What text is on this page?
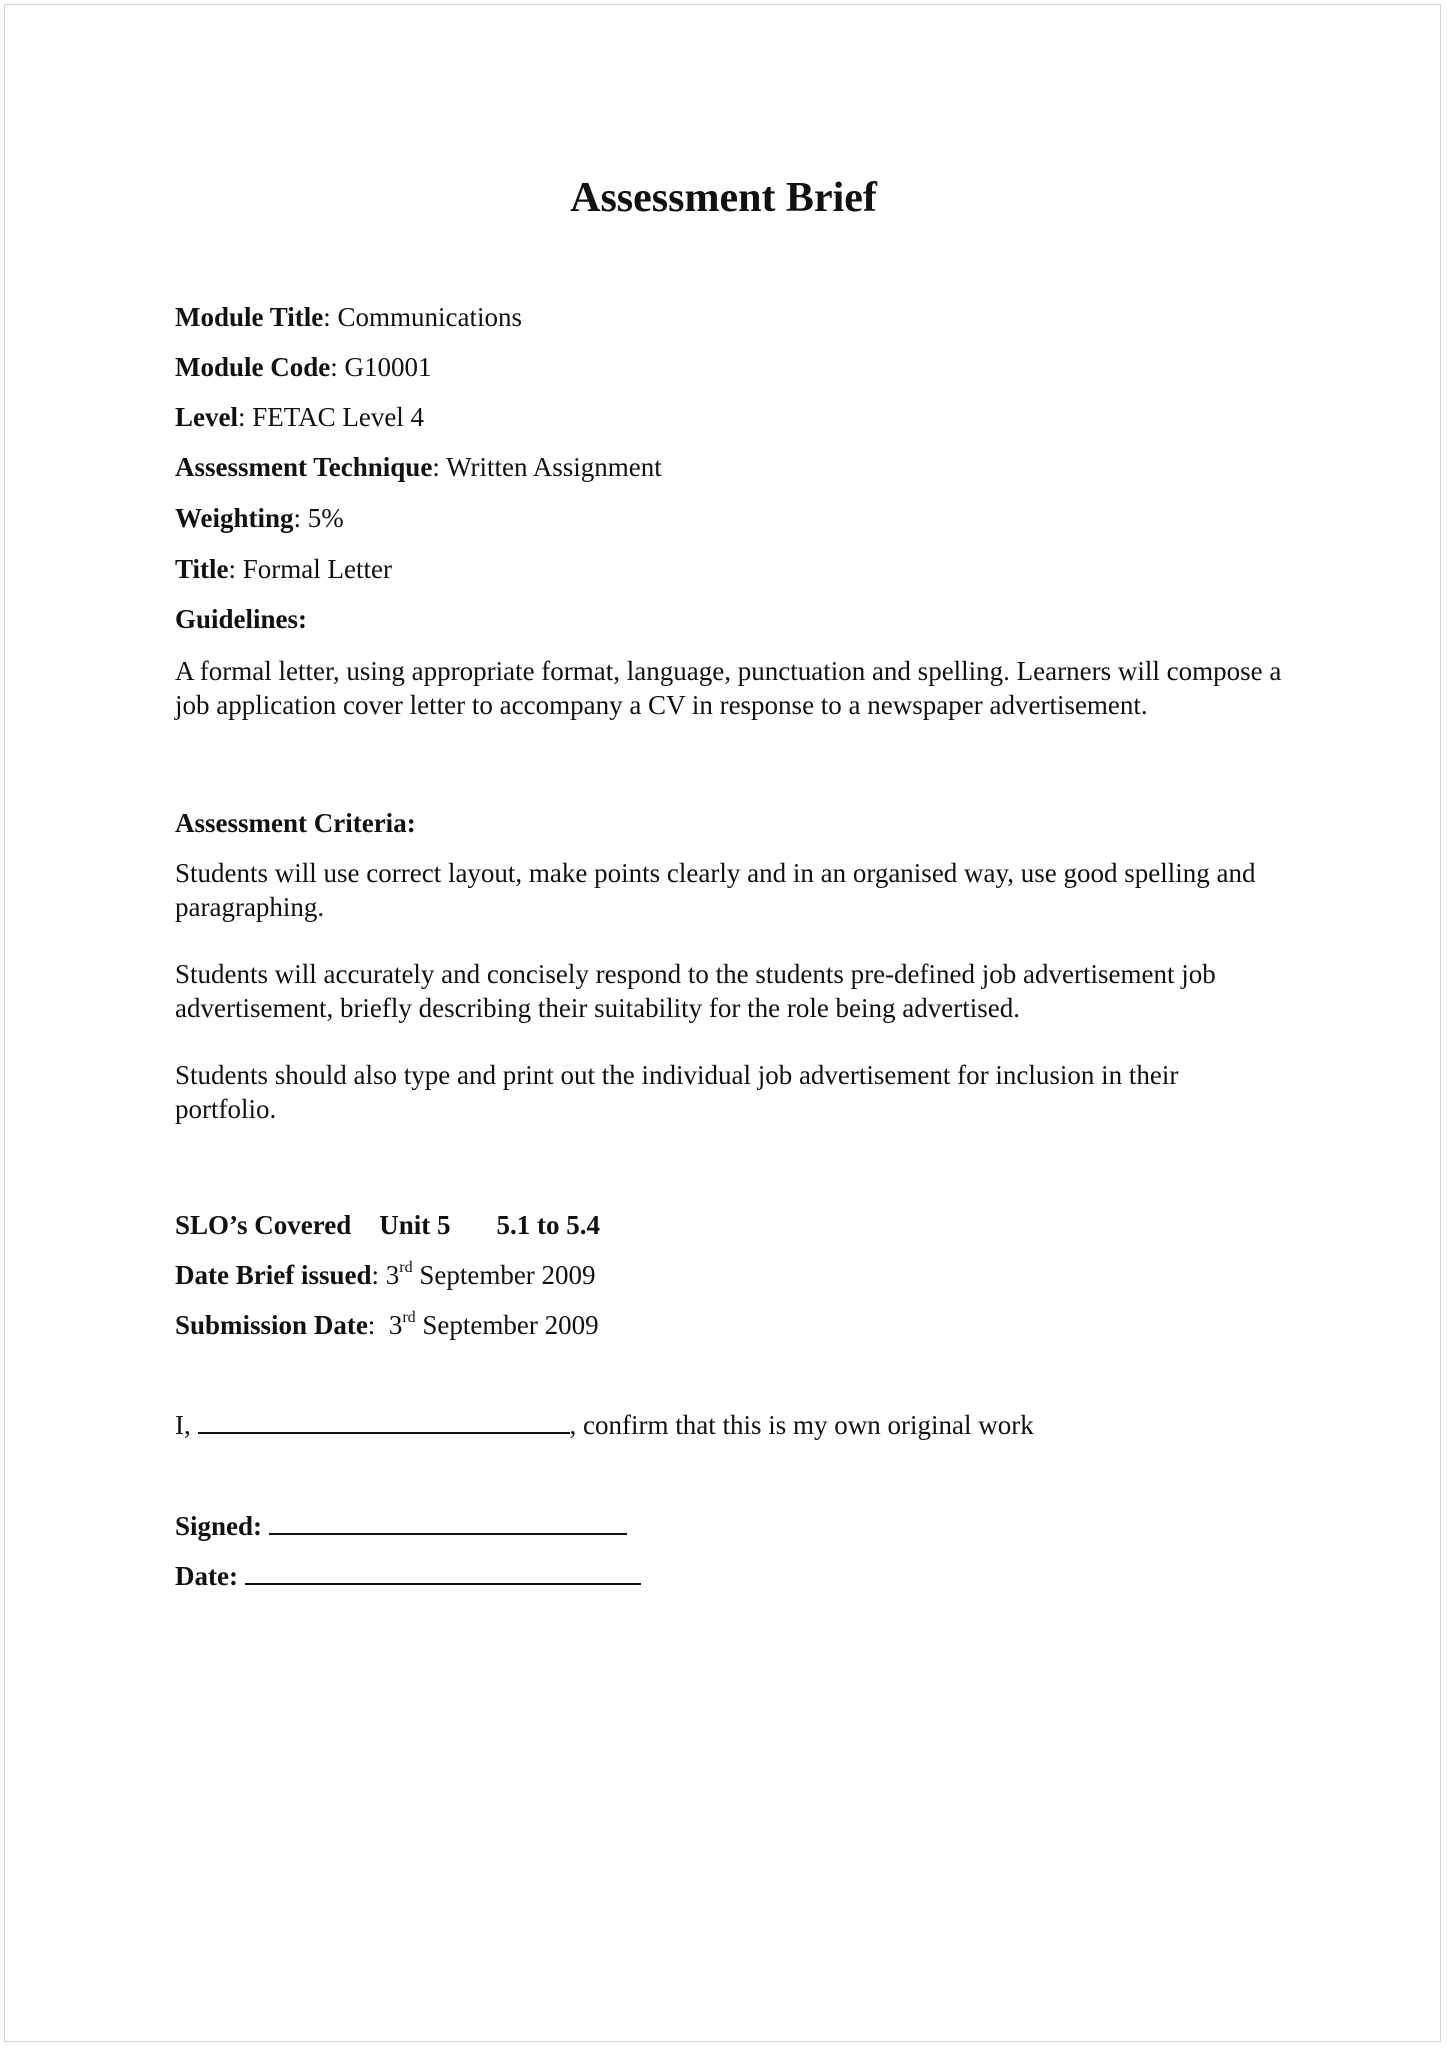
Assessment Brief
Module Title: Communications
Module Code: G10001
Level: FETAC Level 4
Assessment Technique: Written Assignment
Weighting: 5%
Title: Formal Letter
Guidelines:
A formal letter, using appropriate format, language, punctuation and spelling. Learners will compose a job application cover letter to accompany a CV in response to a newspaper advertisement.
Assessment Criteria:
Students will use correct layout, make points clearly and in an organised way, use good spelling and paragraphing.
Students will accurately and concisely respond to the students pre-defined job advertisement job advertisement, briefly describing their suitability for the role being advertised.
Students should also type and print out the individual job advertisement for inclusion in their portfolio.
SLO’s Covered Unit 5 5.1 to 5.4
Date Brief issued: 3rd September 2009
Submission Date:  3rd September 2009
I,	, confirm that this is my own original work
Signed:
Date:
